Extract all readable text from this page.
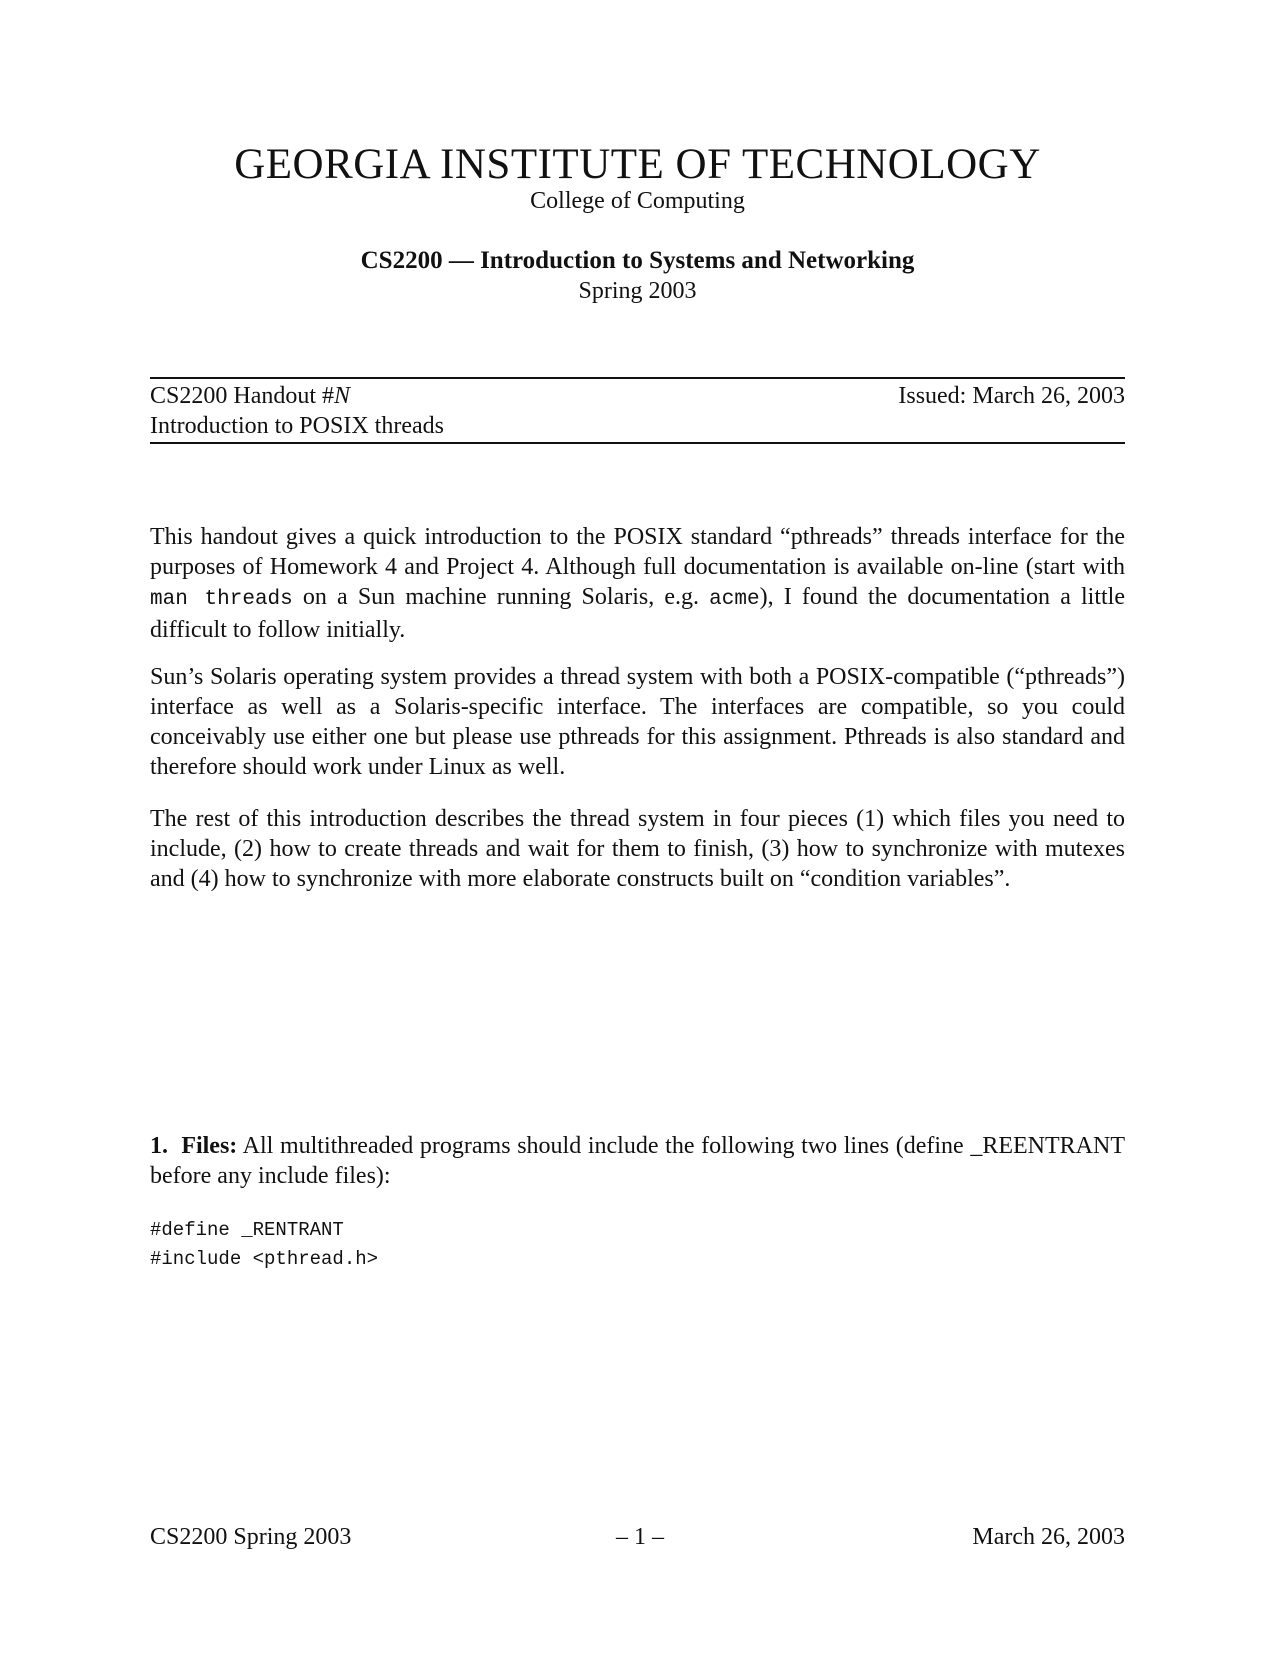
GEORGIA INSTITUTE OF TECHNOLOGY
College of Computing
CS2200 — Introduction to Systems and Networking
Spring 2003
CS2200 Handout #N	Issued: March 26, 2003
Introduction to POSIX threads

This handout gives a quick introduction to the POSIX standard “pthreads” threads interface for the purposes of Homework 4 and Project 4. Although full documentation is available on-line (start with man threads on a Sun machine running Solaris, e.g. acme), I found the documentation a little difficult to follow initially.

Sun’s Solaris operating system provides a thread system with both a POSIX-compatible (“pthreads”) interface as well as a Solaris-specific interface. The interfaces are compatible, so you could conceivably use either one but please use pthreads for this assignment. Pthreads is also standard and therefore should work under Linux as well.

The rest of this introduction describes the thread system in four pieces (1) which files you need to include, (2) how to create threads and wait for them to finish, (3) how to synchronize with mutexes and (4) how to synchronize with more elaborate constructs built on “condition variables”.

1. Files: All multithreaded programs should include the following two lines (define _REENTRANT before any include files):

#define _RENTRANT
#include <pthread.h>
CS2200 Spring 2003	– 1 –	March 26, 2003
